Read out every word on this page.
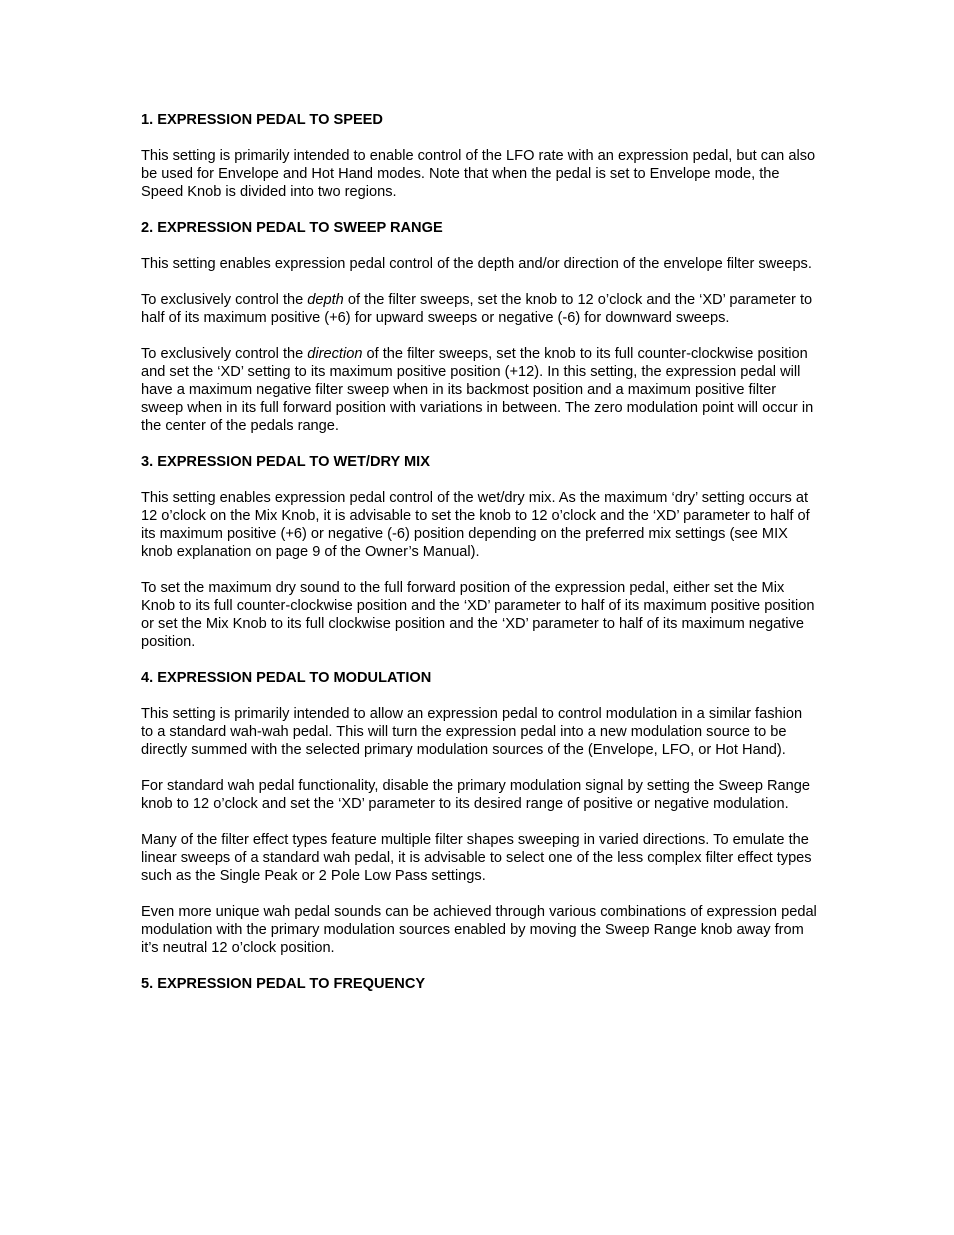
1. EXPRESSION PEDAL TO SPEED
This setting is primarily intended to enable control of the LFO rate with an expression pedal, but can also be used for Envelope and Hot Hand modes. Note that when the pedal is set to Envelope mode, the Speed Knob is divided into two regions.
2. EXPRESSION PEDAL TO SWEEP RANGE
This setting enables expression pedal control of the depth and/or direction of the envelope filter sweeps.
To exclusively control the depth of the filter sweeps, set the knob to 12 o’clock and the ‘XD’ parameter to half of its maximum positive (+6) for upward sweeps or negative (-6) for downward sweeps.
To exclusively control the direction of the filter sweeps, set the knob to its full counter-clockwise position and set the ‘XD’ setting to its maximum positive position (+12). In this setting, the expression pedal will have a maximum negative filter sweep when in its backmost position and a maximum positive filter sweep when in its full forward position with variations in between. The zero modulation point will occur in the center of the pedals range.
3. EXPRESSION PEDAL TO WET/DRY MIX
This setting enables expression pedal control of the wet/dry mix. As the maximum ‘dry’ setting occurs at 12 o’clock on the Mix Knob, it is advisable to set the knob to 12 o’clock and the ‘XD’ parameter to half of its maximum positive (+6) or negative (-6) position depending on the preferred mix settings (see MIX knob explanation on page 9 of the Owner’s Manual).
To set the maximum dry sound to the full forward position of the expression pedal, either set the Mix Knob to its full counter-clockwise position and the ‘XD’ parameter to half of its maximum positive position or set the Mix Knob to its full clockwise position and the ‘XD’ parameter to half of its maximum negative position.
4. EXPRESSION PEDAL TO MODULATION
This setting is primarily intended to allow an expression pedal to control modulation in a similar fashion to a standard wah-wah pedal. This will turn the expression pedal into a new modulation source to be directly summed with the selected primary modulation sources of the (Envelope, LFO, or Hot Hand).
For standard wah pedal functionality, disable the primary modulation signal by setting the Sweep Range knob to 12 o’clock and set the ‘XD’ parameter to its desired range of positive or negative modulation.
Many of the filter effect types feature multiple filter shapes sweeping in varied directions. To emulate the linear sweeps of a standard wah pedal, it is advisable to select one of the less complex filter effect types such as the Single Peak or 2 Pole Low Pass settings.
Even more unique wah pedal sounds can be achieved through various combinations of expression pedal modulation with the primary modulation sources enabled by moving the Sweep Range knob away from it’s neutral 12 o’clock position.
5. EXPRESSION PEDAL TO FREQUENCY
